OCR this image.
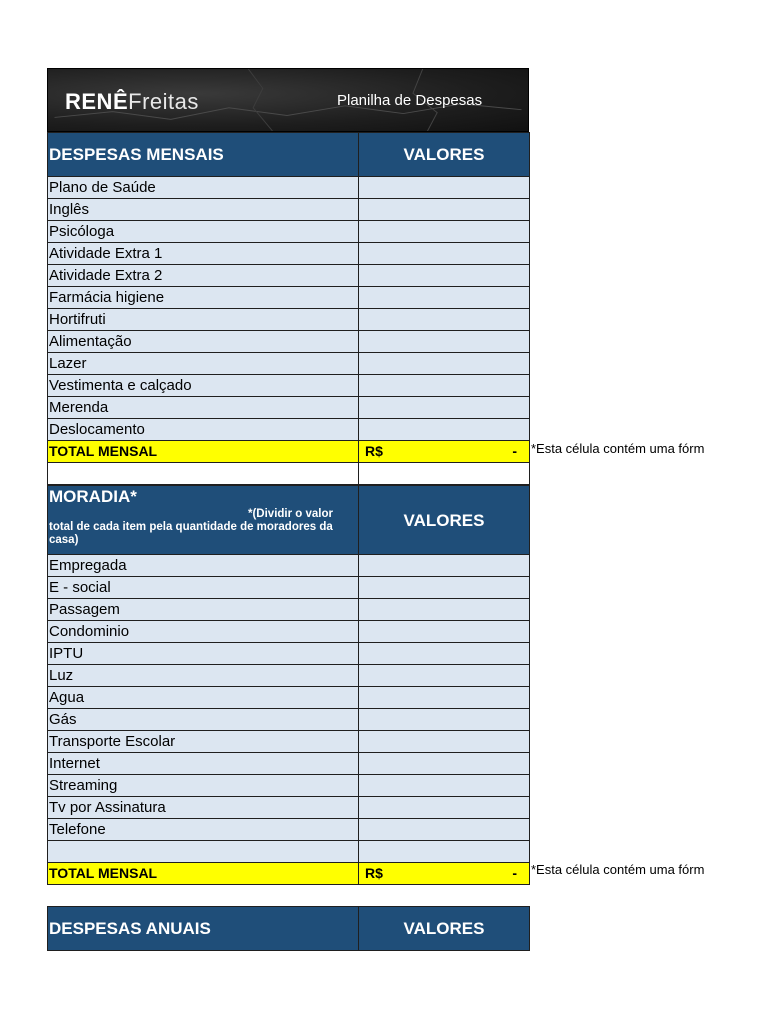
RENÊFreitas	Planilha de Despesas
DESPESAS MENSAIS	VALORES
Plano de Saúde	
Inglês	
Psicóloga	
Atividade Extra 1	
Atividade Extra 2	
Farmácia higiene	
Hortifruti	
Alimentação	
Lazer	
Vestimenta e calçado	
Merenda	
Deslocamento	
TOTAL MENSAL	R$ -

MORADIA*
*(Dividir o valor
total de cada item pela quantidade de moradores da casa)	VALORES
Empregada	
E - social	
Passagem	
Condominio	
IPTU	
Luz	
Agua	
Gás	
Transporte Escolar	
Internet	
Streaming	
Tv por Assinatura	
Telefone	

TOTAL MENSAL	R$ -
DESPESAS ANUAIS	VALORES
*Esta célula contém uma fórm
*Esta célula contém uma fórm
